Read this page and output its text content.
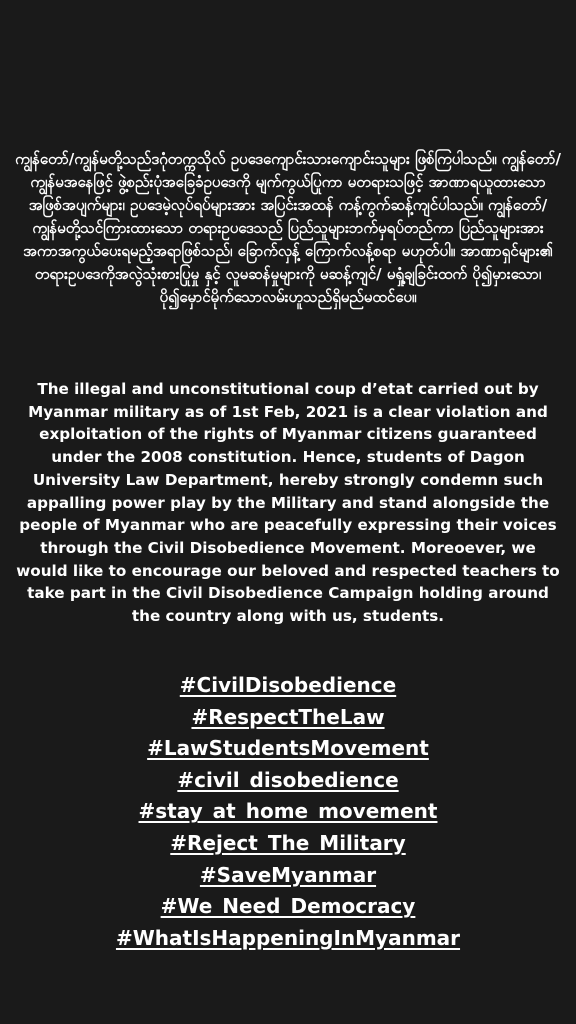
ကျွန်တော်/ကျွန်မတို့သည်ဒဂုံတက္ကသိုလ် ဥပဒေကျောင်းသားကျောင်းသူများ ဖြစ်ကြပါသည်။ ကျွန်တော်/ကျွန်မအနေဖြင့် ဖွဲ့စည်းပုံအခြေခံဥပဒေကို မျက်ကွယ်ပြုကာ မတရားသဖြင့် အာဏာရယူထားသော အဖြစ်အပျက်များ၊ ဥပဒေမဲ့လုပ်ရပ်များအား အပြင်းအထန် ကန့်ကွက်ဆန့်ကျင်ပါသည်။ ကျွန်တော်/ကျွန်မတို့သင်ကြားထားသော တရားဥပဒေသည် ပြည်သူများဘက်မှရပ်တည်ကာ ပြည်သူများအား အကာအကွယ်ပေးရမည့်အရာဖြစ်သည်၊ ခြောက်လှန့် ကြောက်လန့်စရာ မဟုတ်ပါ။ အာဏာရှင်များ၏ တရားဥပဒေကိုအလွဲသုံးစားပြုမှု နှင့် လူမဆန်မှုများကို မဆန့်ကျင်/ မရှုံ့ချခြင်းထက် ပို၍မှားသော၊ ပို၍မှောင်မိုက်သောလမ်းဟူသည်ရှိမည်မထင်ပေ။

The illegal and unconstitutional coup d’etat carried out by Myanmar military as of 1st Feb, 2021 is a clear violation and exploitation of the rights of Myanmar citizens guaranteed under the 2008 constitution. Hence, students of Dagon University Law Department, hereby strongly condemn such appalling power play by the Military and stand alongside the people of Myanmar who are peacefully expressing their voices through the Civil Disobedience Movement. Moreoever, we would like to encourage our beloved and respected teachers to take part in the Civil Disobedience Campaign holding around the country along with us, students.

#CivilDisobedience
#RespectTheLaw
#LawStudentsMovement
#civil_disobedience
#stay_at_home_movement
#Reject_The_Military
#SaveMyanmar
#We_Need_Democracy
#WhatIsHappeningInMyanmar
